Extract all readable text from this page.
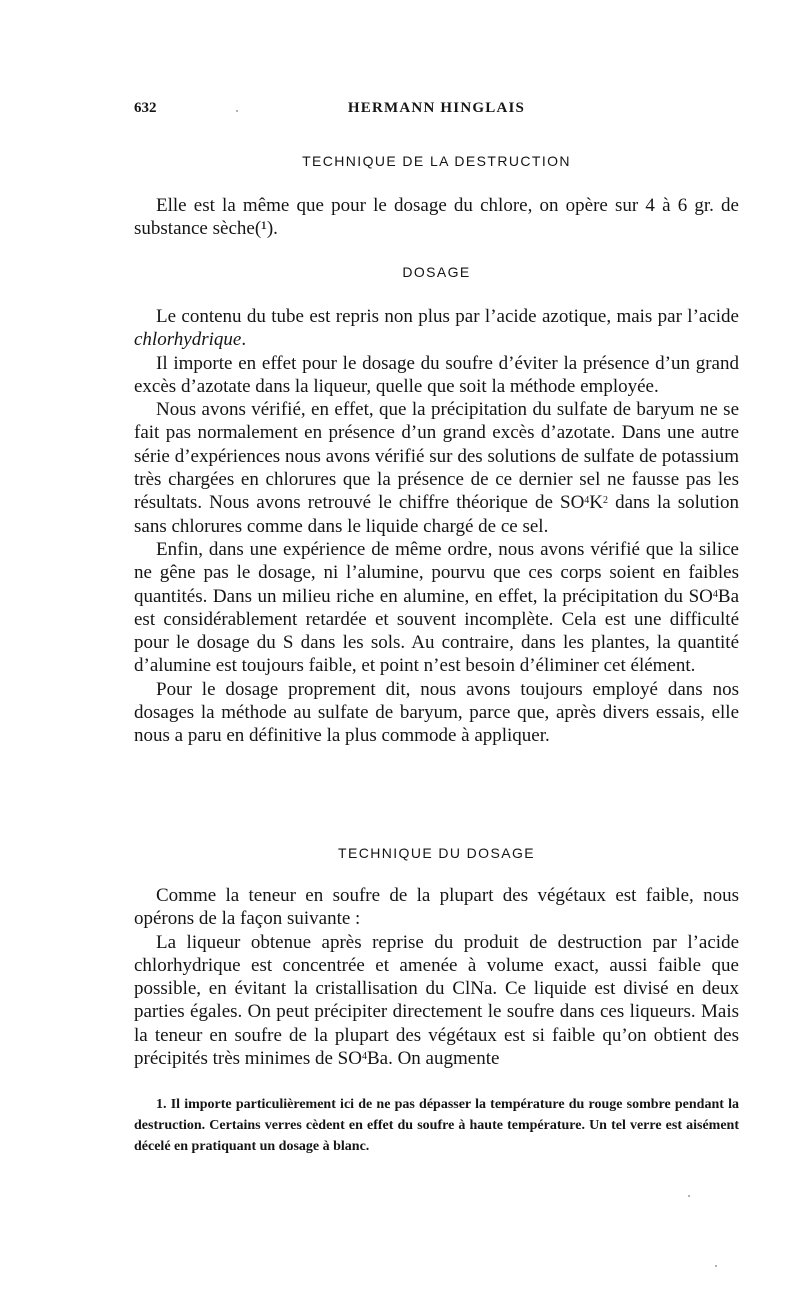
632	HERMANN HINGLAIS
TECHNIQUE DE LA DESTRUCTION

Elle est la même que pour le dosage du chlore, on opère sur 4 à 6 gr. de substance sèche(¹).

DOSAGE

Le contenu du tube est repris non plus par l’acide azotique, mais par l’acide chlorhydrique.

Il importe en effet pour le dosage du soufre d’éviter la présence d’un grand excès d’azotate dans la liqueur, quelle que soit la méthode employée.

Nous avons vérifié, en effet, que la précipitation du sulfate de baryum ne se fait pas normalement en présence d’un grand excès d’azotate. Dans une autre série d’expériences nous avons vérifié sur des solutions de sulfate de potassium très chargées en chlorures que la présence de ce dernier sel ne fausse pas les résultats. Nous avons retrouvé le chiffre théorique de $SO^4K^2$ dans la solution sans chlorures comme dans le liquide chargé de ce sel.

Enfin, dans une expérience de même ordre, nous avons vérifié que la silice ne gêne pas le dosage, ni l’alumine, pourvu que ces corps soient en faibles quantités. Dans un milieu riche en alumine, en effet, la précipitation du $SO^4Ba$ est considérablement retardée et souvent incomplète. Cela est une difficulté pour le dosage du S dans les sols. Au contraire, dans les plantes, la quantité d’alumine est toujours faible, et point n’est besoin d’éliminer cet élément.

Pour le dosage proprement dit, nous avons toujours employé dans nos dosages la méthode au sulfate de baryum, parce que, après divers essais, elle nous a paru en définitive la plus commode à appliquer.

TECHNIQUE DU DOSAGE

Comme la teneur en soufre de la plupart des végétaux est faible, nous opérons de la façon suivante :

La liqueur obtenue après reprise du produit de destruction par l’acide chlorhydrique est concentrée et amenée à volume exact, aussi faible que possible, en évitant la cristallisation du ClNa. Ce liquide est divisé en deux parties égales. On peut précipiter directement le soufre dans ces liqueurs. Mais la teneur en soufre de la plupart des végétaux est si faible qu’on obtient des précipités très minimes de $SO^4Ba$. On augmente

1. Il importe particulièrement ici de ne pas dépasser la température du rouge sombre pendant la destruction. Certains verres cèdent en effet du soufre à haute température. Un tel verre est aisément décelé en pratiquant un dosage à blanc.
